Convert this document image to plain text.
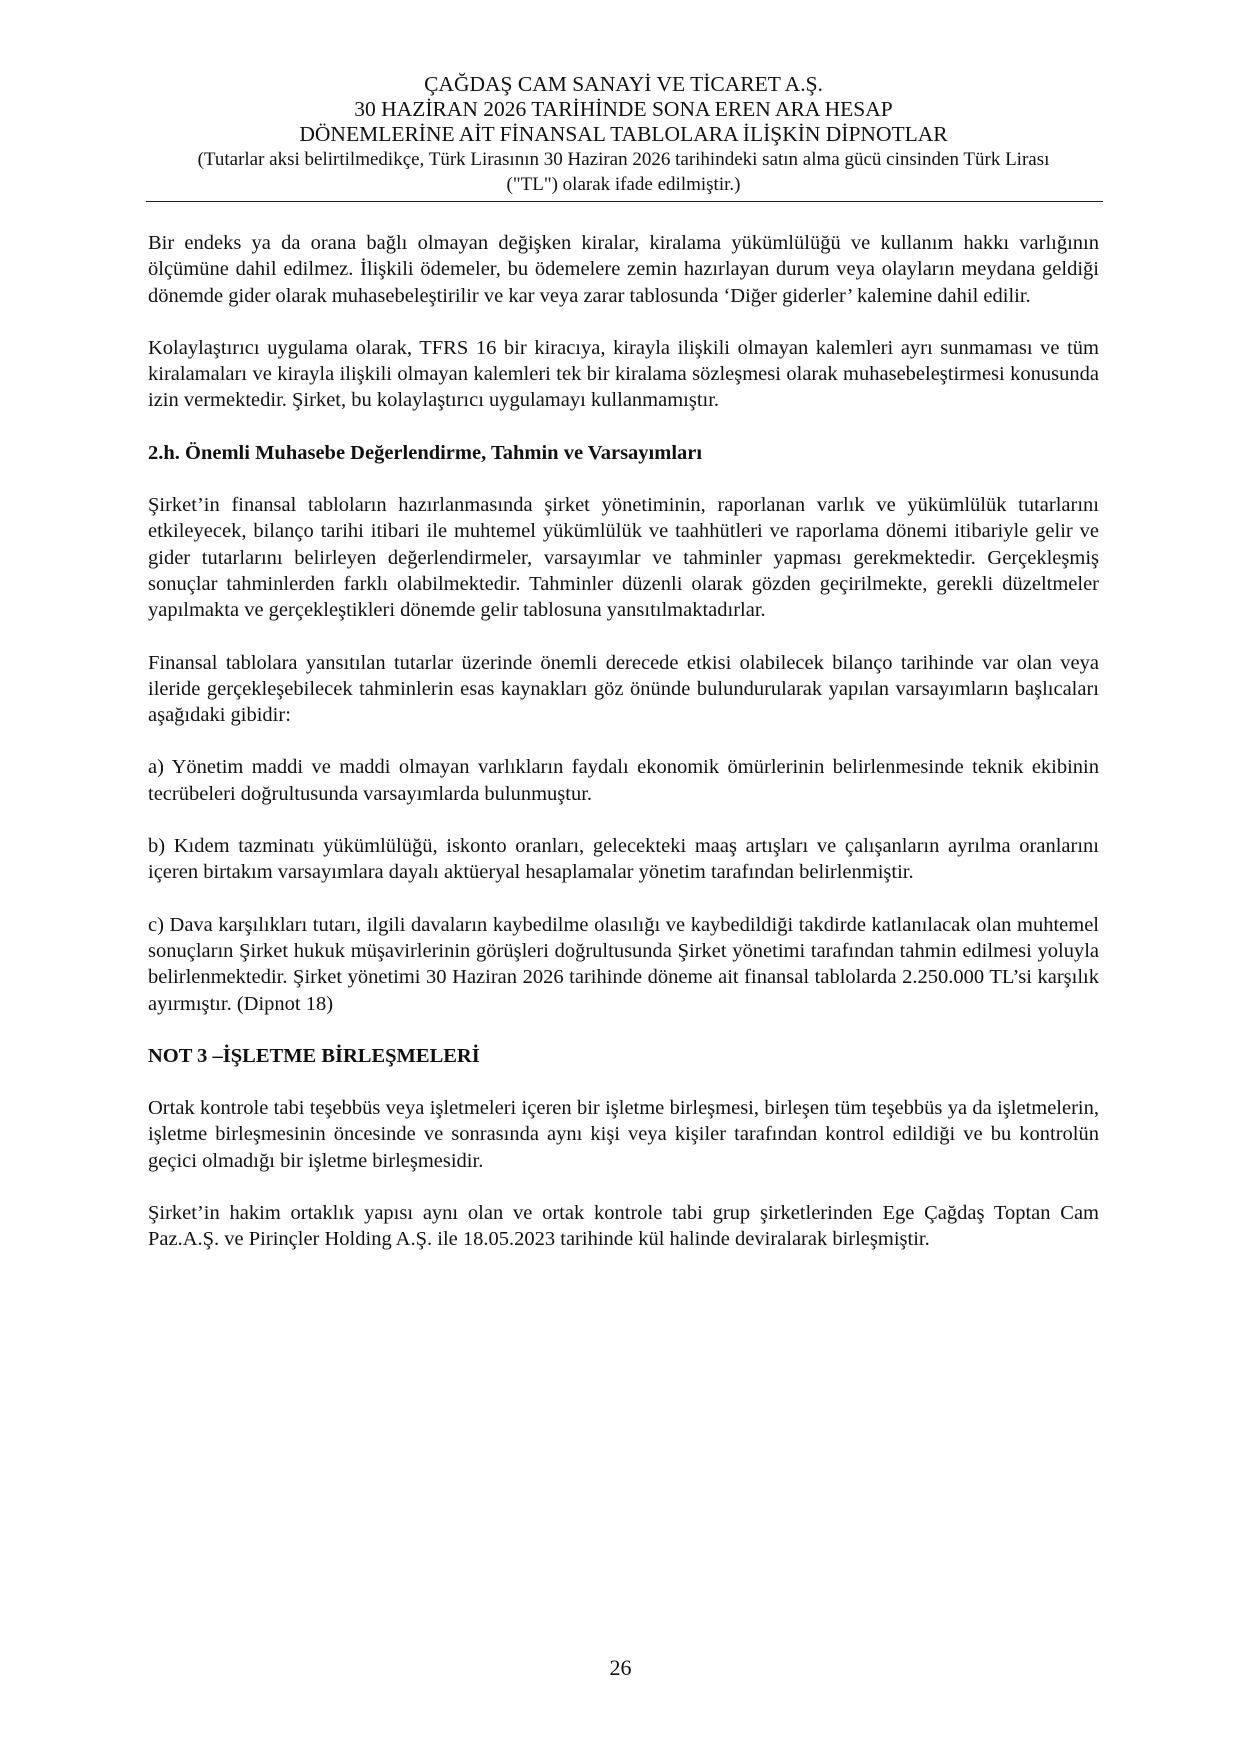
ÇAĞDAŞ CAM SANAYİ VE TİCARET A.Ş.
30 HAZİRAN 2026 TARİHİNDE SONA EREN ARA HESAP
DÖNEMLERİNE AİT FİNANSAL TABLOLARA İLİŞKİN DİPNOTLAR
(Tutarlar aksi belirtilmedikçe, Türk Lirasının 30 Haziran 2026 tarihindeki satın alma gücü cinsinden Türk Lirası
("TL") olarak ifade edilmiştir.)

Bir endeks ya da orana bağlı olmayan değişken kiralar, kiralama yükümlülüğü ve kullanım hakkı varlığının ölçümüne dahil edilmez. İlişkili ödemeler, bu ödemelere zemin hazırlayan durum veya olayların meydana geldiği dönemde gider olarak muhasebeleştirilir ve kar veya zarar tablosunda ‘Diğer giderler’ kalemine dahil edilir.

Kolaylaştırıcı uygulama olarak, TFRS 16 bir kiracıya, kirayla ilişkili olmayan kalemleri ayrı sunmaması ve tüm kiralamaları ve kirayla ilişkili olmayan kalemleri tek bir kiralama sözleşmesi olarak muhasebeleştirmesi konusunda izin vermektedir. Şirket, bu kolaylaştırıcı uygulamayı kullanmamıştır.

2.h. Önemli Muhasebe Değerlendirme, Tahmin ve Varsayımları

Şirket’in finansal tabloların hazırlanmasında şirket yönetiminin, raporlanan varlık ve yükümlülük tutarlarını etkileyecek, bilanço tarihi itibari ile muhtemel yükümlülük ve taahhütleri ve raporlama dönemi itibariyle gelir ve gider tutarlarını belirleyen değerlendirmeler, varsayımlar ve tahminler yapması gerekmektedir. Gerçekleşmiş sonuçlar tahminlerden farklı olabilmektedir. Tahminler düzenli olarak gözden geçirilmekte, gerekli düzeltmeler yapılmakta ve gerçekleştikleri dönemde gelir tablosuna yansıtılmaktadırlar.

Finansal tablolara yansıtılan tutarlar üzerinde önemli derecede etkisi olabilecek bilanço tarihinde var olan veya ileride gerçekleşebilecek tahminlerin esas kaynakları göz önünde bulundurularak yapılan varsayımların başlıcaları aşağıdaki gibidir:

a) Yönetim maddi ve maddi olmayan varlıkların faydalı ekonomik ömürlerinin belirlenmesinde teknik ekibinin tecrübeleri doğrultusunda varsayımlarda bulunmuştur.

b) Kıdem tazminatı yükümlülüğü, iskonto oranları, gelecekteki maaş artışları ve çalışanların ayrılma oranlarını içeren birtakım varsayımlara dayalı aktüeryal hesaplamalar yönetim tarafından belirlenmiştir.

c) Dava karşılıkları tutarı, ilgili davaların kaybedilme olasılığı ve kaybedildiği takdirde katlanılacak olan muhtemel sonuçların Şirket hukuk müşavirlerinin görüşleri doğrultusunda Şirket yönetimi tarafından tahmin edilmesi yoluyla belirlenmektedir. Şirket yönetimi 30 Haziran 2026 tarihinde döneme ait finansal tablolarda 2.250.000 TL’si karşılık ayırmıştır. (Dipnot 18)

NOT 3 –İŞLETME BİRLEŞMELERİ

Ortak kontrole tabi teşebbüs veya işletmeleri içeren bir işletme birleşmesi, birleşen tüm teşebbüs ya da işletmelerin, işletme birleşmesinin öncesinde ve sonrasında aynı kişi veya kişiler tarafından kontrol edildiği ve bu kontrolün geçici olmadığı bir işletme birleşmesidir.

Şirket’in hakim ortaklık yapısı aynı olan ve ortak kontrole tabi grup şirketlerinden Ege Çağdaş Toptan Cam Paz.A.Ş. ve Pirinçler Holding A.Ş. ile 18.05.2023 tarihinde kül halinde deviralarak birleşmiştir.

26
